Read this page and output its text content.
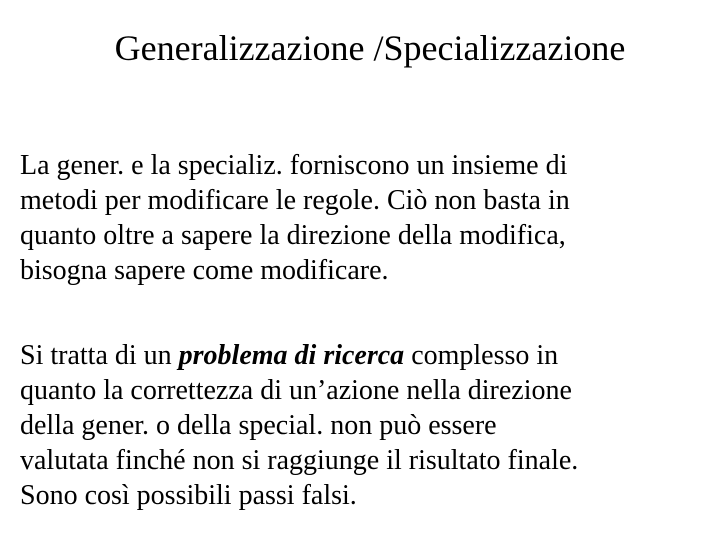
Generalizzazione /Specializzazione

La gener. e la specializ. forniscono un insieme di
metodi per modificare le regole. Ciò non basta in
quanto oltre a sapere la direzione della modifica,
bisogna sapere come modificare.

Si tratta di un problema di ricerca complesso in
quanto la correttezza di un’azione nella direzione
della gener. o della special. non può essere
valutata finché non si raggiunge il risultato finale.
Sono così possibili passi falsi.
